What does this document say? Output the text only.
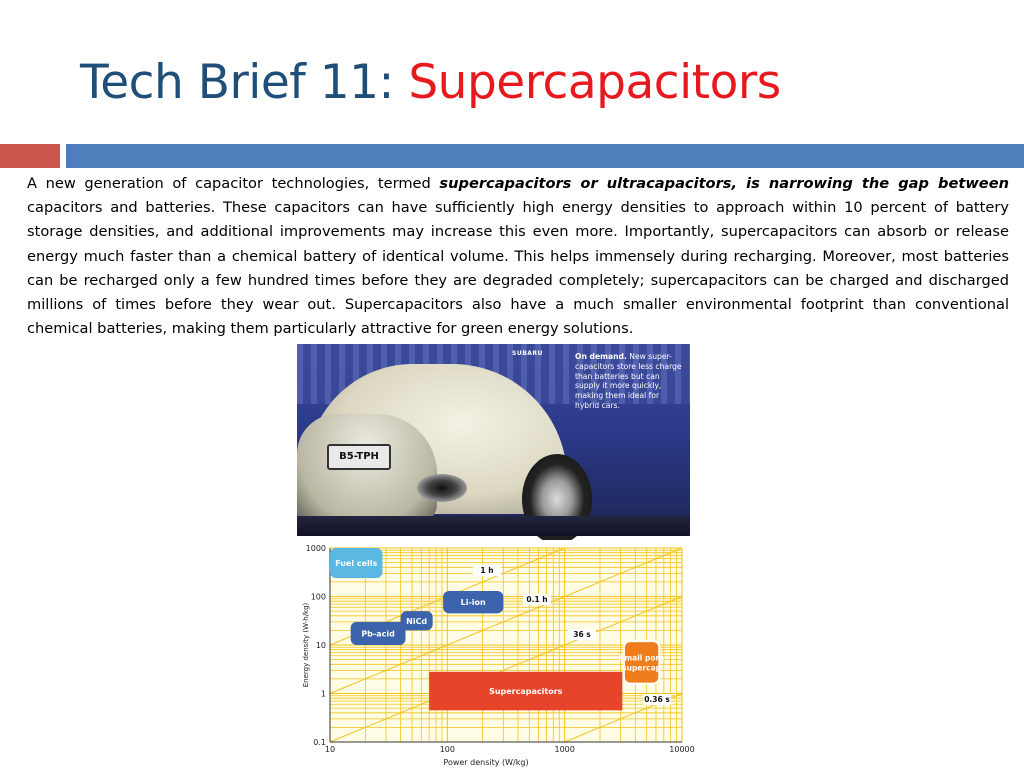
Tech Brief 11: Supercapacitors

A new generation of capacitor technologies, termed supercapacitors or ultracapacitors, is narrowing the gap between capacitors and batteries. These capacitors can have sufficiently high energy densities to approach within 10 percent of battery storage densities, and additional improvements may increase this even more. Importantly, supercapacitors can absorb or release energy much faster than a chemical battery of identical volume. This helps immensely during recharging. Moreover, most batteries can be recharged only a few hundred times before they are degraded completely; supercapacitors can be charged and discharged millions of times before they wear out. Supercapacitors also have a much smaller environmental footprint than conventional chemical batteries, making them particularly attractive for green energy solutions.

B5-TPH
SUBARU	On demand. New super-capacitors store less charge than batteries but can supply it more quickly, making them ideal for hybrid cars.
10	100	1000	10000
0.1
1
10
100
1000
Power density (W/kg)
Energy density (W-h/kg)
1 h
0.1 h
36 s
0.36 s
Fuel cells
Li-ion
NiCd
Pb-acid
Small pore
supercap
Supercapacitors
